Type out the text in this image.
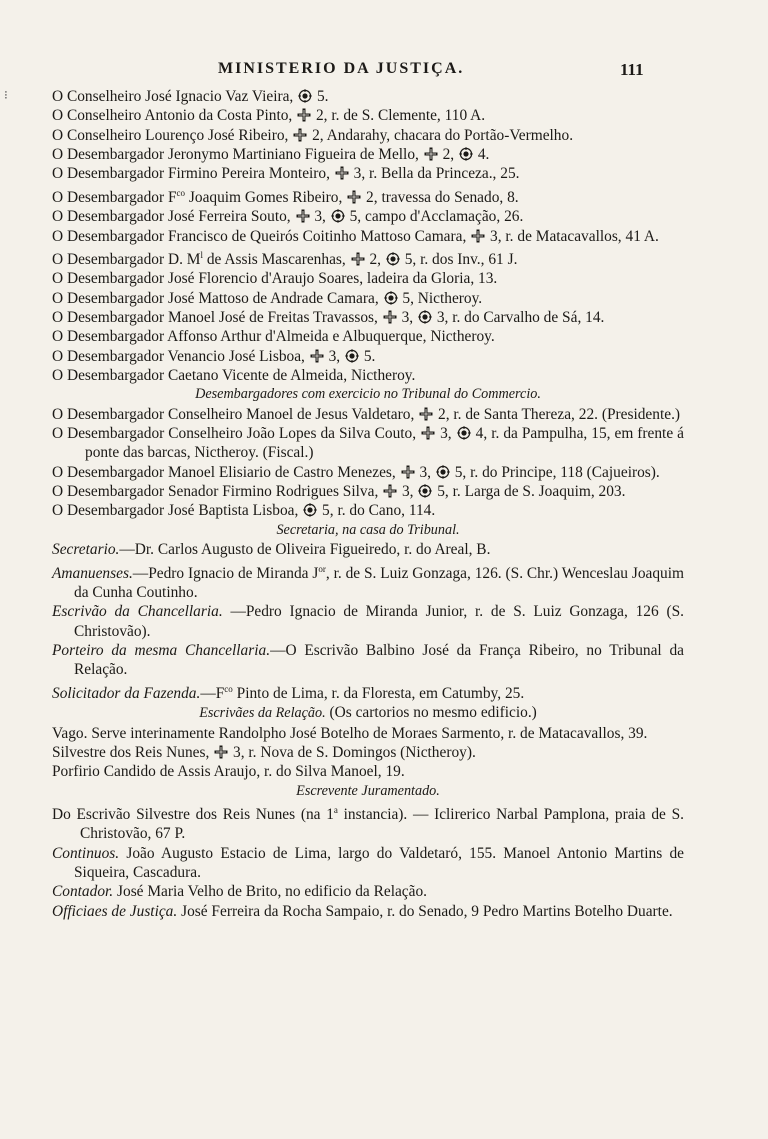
MINISTERIO DA JUSTIÇA.	111
⁝	O Conselheiro José Ignacio Vaz Vieira,
5.

O Conselheiro Antonio da Costa Pinto,
2, r. de S. Clemente, 110 A.

O Conselheiro Lourenço José Ribeiro,
2, Andarahy, chacara do Portão-Vermelho.

O Desembargador Jeronymo Martiniano Figueira de Mello,
2,
4.

O Desembargador Firmino Pereira Monteiro,
3, r. Bella da Princeza., 25.

O Desembargador $F^{co}$ Joaquim Gomes Ribeiro,
2, travessa do Senado, 8.

O Desembargador José Ferreira Souto,
3,
5, campo d'Acclamação, 26.

O Desembargador Francisco de Queirós Coitinho Mattoso Camara,
3, r. de Matacavallos, 41 A.

O Desembargador D. $M^l$ de Assis Mascarenhas,
2,
5, r. dos Inv., 61 J.

O Desembargador José Florencio d'Araujo Soares, ladeira da Gloria, 13.

O Desembargador José Mattoso de Andrade Camara,
5, Nictheroy.

O Desembargador Manoel José de Freitas Travassos,
3,
3, r. do Carvalho de Sá, 14.

O Desembargador Affonso Arthur d'Almeida e Albuquerque, Nictheroy.

O Desembargador Venancio José Lisboa,
3,
5.

O Desembargador Caetano Vicente de Almeida, Nictheroy.

Desembargadores com exercicio no Tribunal do Commercio.

O Desembargador Conselheiro Manoel de Jesus Valdetaro,
2, r. de Santa Thereza, 22. (Presidente.)

O Desembargador Conselheiro João Lopes da Silva Couto,
3,
4, r. da Pampulha, 15, em frente á ponte das barcas, Nictheroy. (Fiscal.)

O Desembargador Manoel Elisiario de Castro Menezes,
3,
5, r. do Principe, 118 (Cajueiros).

O Desembargador Senador Firmino Rodrigues Silva,
3,
5, r. Larga de S. Joaquim, 203.

O Desembargador José Baptista Lisboa,
5, r. do Cano, 114.

Secretaria, na casa do Tribunal.

Secretario.—Dr. Carlos Augusto de Oliveira Figueiredo, r. do Areal, B.

Amanuenses.—Pedro Ignacio de Miranda $J^{or}$, r. de S. Luiz Gonzaga, 126. (S. Chr.) Wenceslau Joaquim da Cunha Coutinho.

Escrivão da Chancellaria. —Pedro Ignacio de Miranda Junior, r. de S. Luiz Gonzaga, 126 (S. Christovão).

Porteiro da mesma Chancellaria.—O Escrivão Balbino José da França Ribeiro, no Tribunal da Relação.

Solicitador da $Fazenda.—F^{co}$ Pinto de Lima, r. da Floresta, em Catumby, 25.

Escrivães da Relação. (Os cartorios no mesmo edificio.)

Vago. Serve interinamente Randolpho José Botelho de Moraes Sarmento, r. de Matacavallos, 39.

Silvestre dos Reis Nunes,
3, r. Nova de S. Domingos (Nictheroy).

Porfirio Candido de Assis Araujo, r. do Silva Manoel, 19.

Escrevente Juramentado.

Do Escrivão Silvestre dos Reis Nunes (na 1$^a$ instancia). — Iclirerico Narbal Pamplona, praia de S. Christovão, 67 P.

Continuos. João Augusto Estacio de Lima, largo do Valdetaró, 155. Manoel Antonio Martins de Siqueira, Cascadura.

Contador. José Maria Velho de Brito, no edificio da Relação.

Officiaes de Justiça. José Ferreira da Rocha Sampaio, r. do Senado, 9 Pedro Martins Botelho Duarte.
